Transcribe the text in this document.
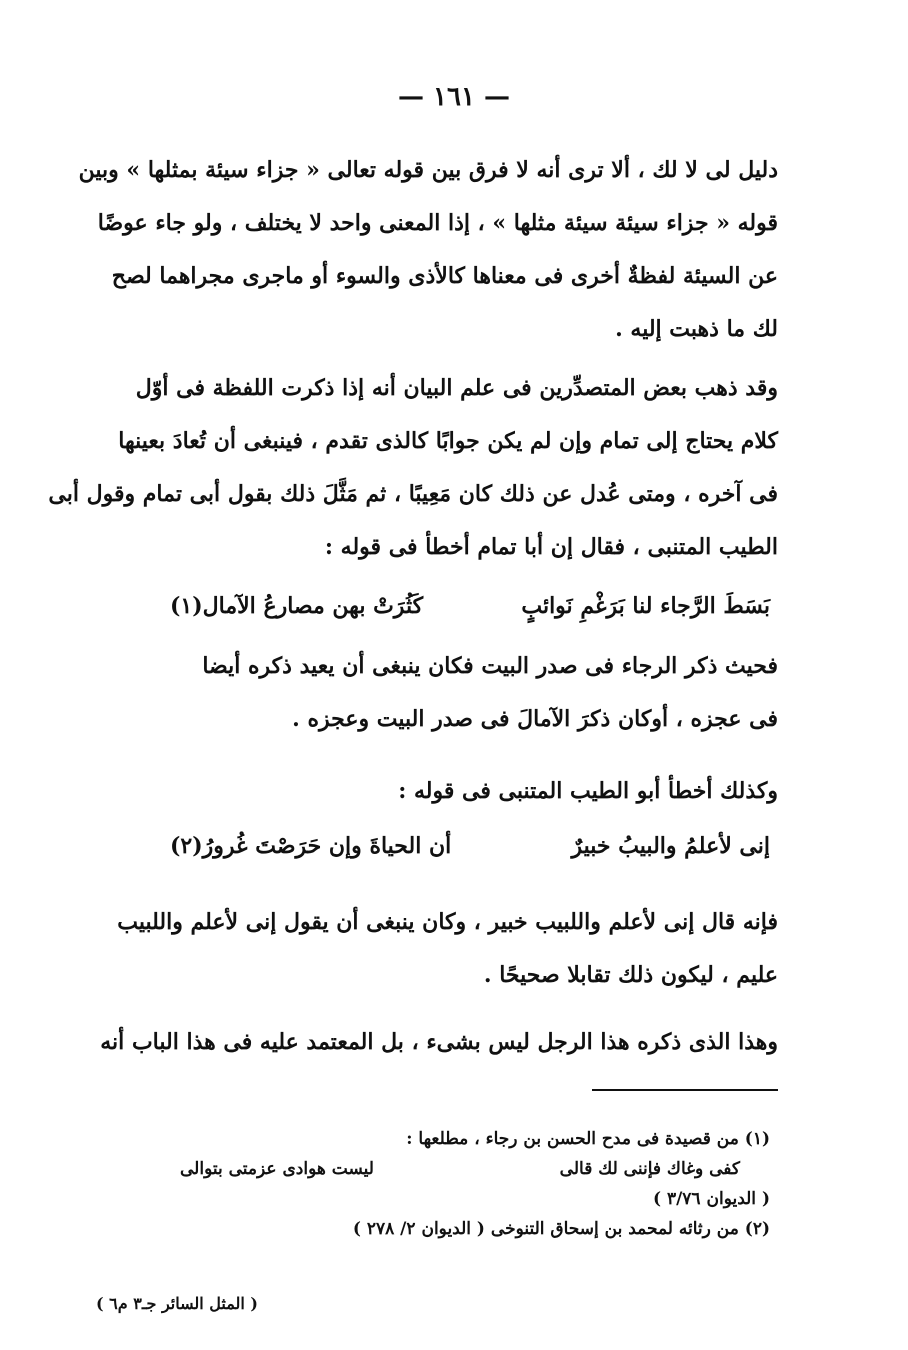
— ١٦١ —
دليل لى لا لك ، ألا ترى أنه لا فرق بين قوله تعالى « جزاء سيئة بمثلها » وبين
قوله « جزاء سيئة سيئة مثلها » ، إذا المعنى واحد لا يختلف ، ولو جاء عوضًا
عن السيئة لفظةٌ أخرى فى معناها كالأذى والسوء أو ماجرى مجراهما لصح
لك ما ذهبت إليه .
وقد ذهب بعض المتصدِّرين فى علم البيان أنه إذا ذكرت اللفظة فى أوّل
كلام يحتاج إلى تمام وإن لم يكن جوابًا كالذى تقدم ، فينبغى أن تُعادَ بعينها
فى آخره ، ومتى عُدل عن ذلك كان مَعِيبًا ، ثم مَثَّلَ ذلك بقول أبى تمام وقول أبى
الطيب المتنبى ، فقال إن أبا تمام أخطأ فى قوله :
بَسَطَ الرَّجاء لنا بَرَغْمِ نَوائبٍ
كَثُرَتْ بهن مصارعُ الآمال(١)
فحيث ذكر الرجاء فى صدر البيت فكان ينبغى أن يعيد ذكره أيضا
فى عجزه ، أوكان ذكرَ الآمالَ فى صدر البيت وعجزه .
وكذلك أخطأ أبو الطيب المتنبى فى قوله :
إنى لأعلمُ والبيبُ خبيرٌ
أن الحياةَ وإن حَرَصْتَ غُرورُ(٢)
فإنه قال إنى لأعلم واللبيب خبير ، وكان ينبغى أن يقول إنى لأعلم واللبيب
عليم ، ليكون ذلك تقابلا صحيحًا .
وهذا الذى ذكره هذا الرجل ليس بشىء ، بل المعتمد عليه فى هذا الباب أنه
(١) من قصيدة فى مدح الحسن بن رجاء ، مطلعها :
كفى وغاك فإننى لك قالى
ليست هوادى عزمتى بتوالى
( الديوان ٣/٧٦ )
(٢) من رثائه لمحمد بن إسحاق التنوخى ( الديوان ٢/ ٢٧٨ )
( المثل السائر جـ٣ م٦ )
